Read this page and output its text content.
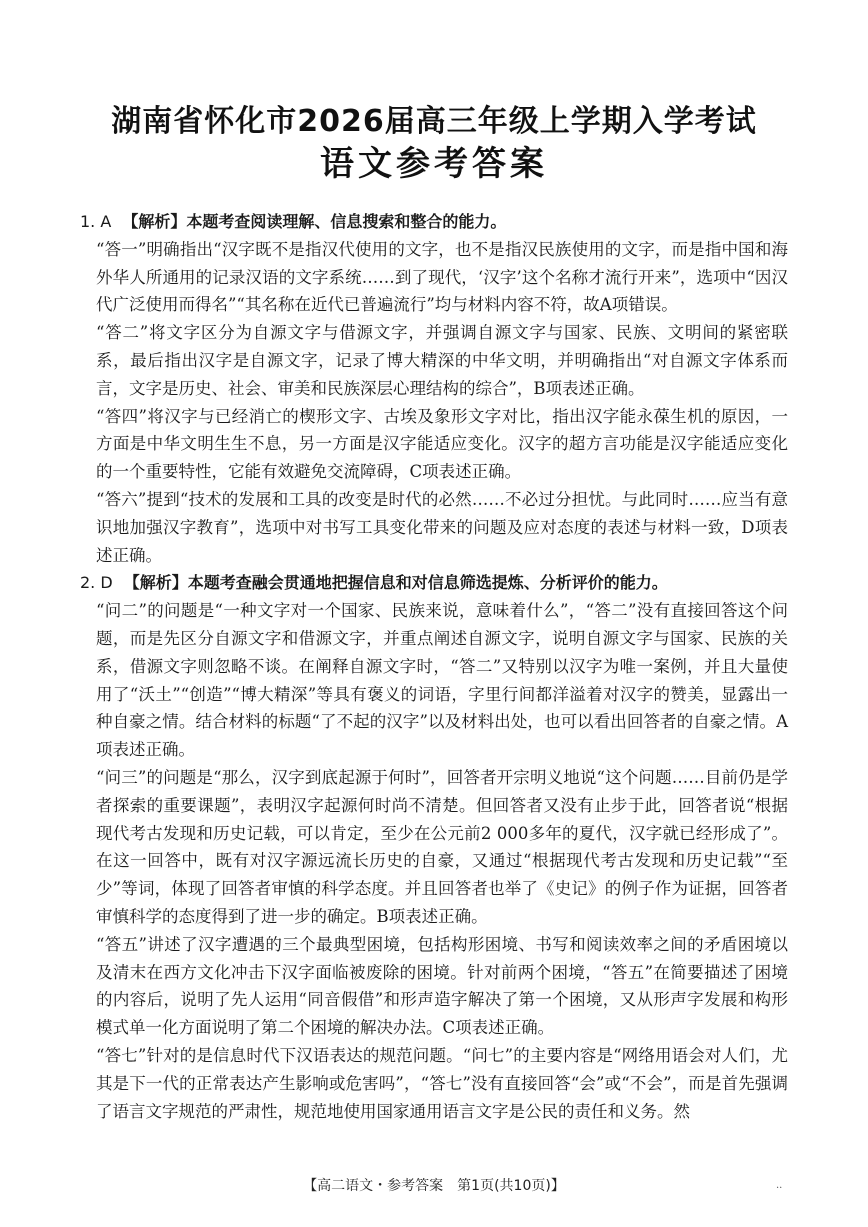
湖南省怀化市2026届高三年级上学期入学考试
语文参考答案

1. A 【解析】本题考查阅读理解、信息搜索和整合的能力。

“答一”明确指出“汉字既不是指汉代使用的文字，也不是指汉民族使用的文字，而是指中国和海外华人所通用的记录汉语的文字系统……到了现代，‘汉字’这个名称才流行开来”，选项中“因汉代广泛使用而得名”“其名称在近代已普遍流行”均与材料内容不符，故A项错误。

“答二”将文字区分为自源文字与借源文字，并强调自源文字与国家、民族、文明间的紧密联系，最后指出汉字是自源文字，记录了博大精深的中华文明，并明确指出“对自源文字体系而言，文字是历史、社会、审美和民族深层心理结构的综合”，B项表述正确。

“答四”将汉字与已经消亡的楔形文字、古埃及象形文字对比，指出汉字能永葆生机的原因，一方面是中华文明生生不息，另一方面是汉字能适应变化。汉字的超方言功能是汉字能适应变化的一个重要特性，它能有效避免交流障碍，C项表述正确。

“答六”提到“技术的发展和工具的改变是时代的必然……不必过分担忧。与此同时……应当有意识地加强汉字教育”，选项中对书写工具变化带来的问题及应对态度的表述与材料一致，D项表述正确。

2. D 【解析】本题考查融会贯通地把握信息和对信息筛选提炼、分析评价的能力。

“问二”的问题是“一种文字对一个国家、民族来说，意味着什么”，“答二”没有直接回答这个问题，而是先区分自源文字和借源文字，并重点阐述自源文字，说明自源文字与国家、民族的关系，借源文字则忽略不谈。在阐释自源文字时，“答二”又特别以汉字为唯一案例，并且大量使用了“沃土”“创造”“博大精深”等具有褒义的词语，字里行间都洋溢着对汉字的赞美，显露出一种自豪之情。结合材料的标题“了不起的汉字”以及材料出处，也可以看出回答者的自豪之情。A项表述正确。

“问三”的问题是“那么，汉字到底起源于何时”，回答者开宗明义地说“这个问题……目前仍是学者探索的重要课题”，表明汉字起源何时尚不清楚。但回答者又没有止步于此，回答者说“根据现代考古发现和历史记载，可以肯定，至少在公元前2 000多年的夏代，汉字就已经形成了”。在这一回答中，既有对汉字源远流长历史的自豪，又通过“根据现代考古发现和历史记载”“至少”等词，体现了回答者审慎的科学态度。并且回答者也举了《史记》的例子作为证据，回答者审慎科学的态度得到了进一步的确定。B项表述正确。

“答五”讲述了汉字遭遇的三个最典型困境，包括构形困境、书写和阅读效率之间的矛盾困境以及清末在西方文化冲击下汉字面临被废除的困境。针对前两个困境，“答五”在简要描述了困境的内容后，说明了先人运用“同音假借”和形声造字解决了第一个困境，又从形声字发展和构形模式单一化方面说明了第二个困境的解决办法。C项表述正确。

“答七”针对的是信息时代下汉语表达的规范问题。“问七”的主要内容是“网络用语会对人们，尤其是下一代的正常表达产生影响或危害吗”，“答七”没有直接回答“会”或“不会”，而是首先强调了语言文字规范的严肃性，规范地使用国家通用语言文字是公民的责任和义务。然

【高二语文・参考答案　第1页(共10页)】	..
